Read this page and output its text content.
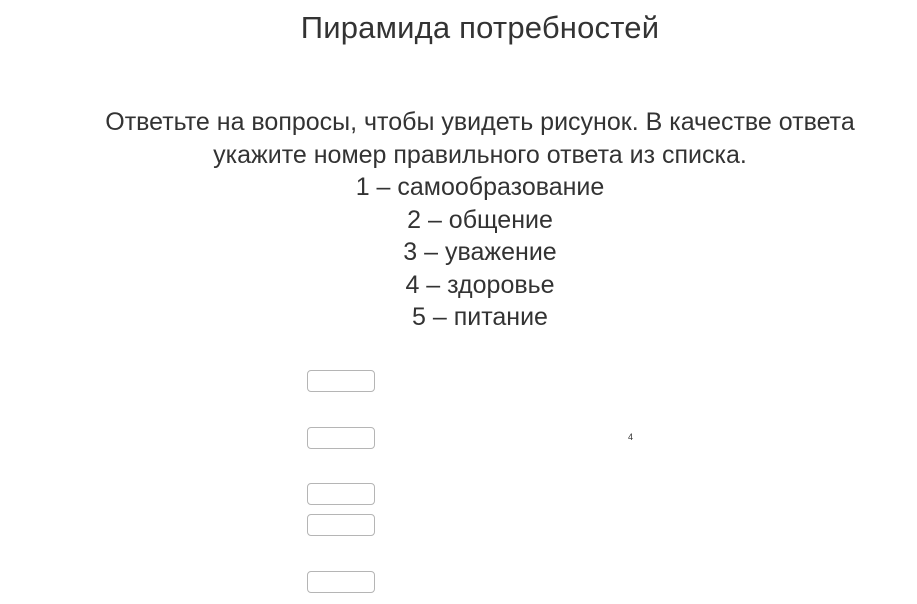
Пирамида потребностей
Ответьте на вопросы, чтобы увидеть рисунок. В качестве ответа
укажите номер правильного ответа из списка.
1 – самообразование
2 – общение
3 – уважение
4 – здоровье
5 – питание
4
